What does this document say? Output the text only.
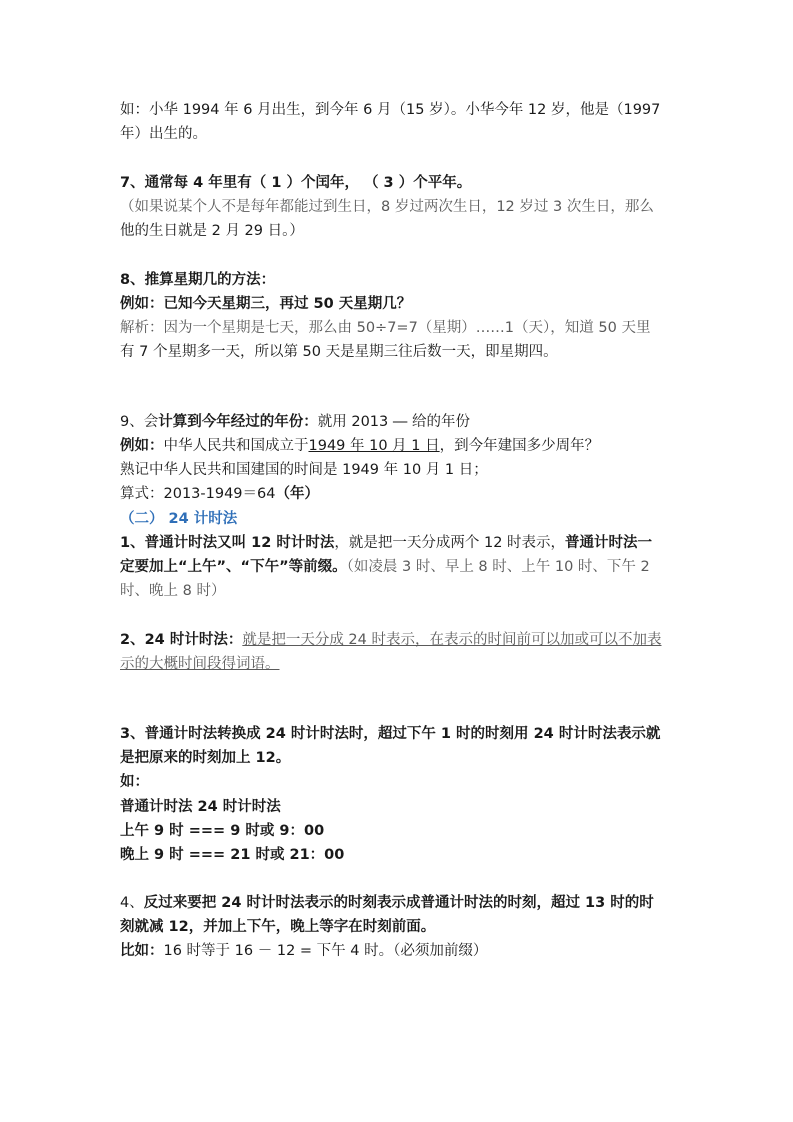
如：小华 1994 年 6 月出生，到今年 6 月（15 岁）。小华今年 12 岁，他是（1997
年）出生的。
7、通常每 4 年里有（ 1 ）个闰年， （ 3 ）个平年。
（如果说某个人不是每年都能过到生日，8 岁过两次生日，12 岁过 3 次生日，那么
他的生日就是 2 月 29 日。）
8、推算星期几的方法：
例如：已知今天星期三，再过 50 天星期几？
解析：因为一个星期是七天，那么由 50÷7=7（星期）……1（天），知道 50 天里
有 7 个星期多一天，所以第 50 天是星期三往后数一天，即星期四。
9、会计算到今年经过的年份：就用 2013 ― 给的年份
例如：中华人民共和国成立于1949 年 10 月 1 日，到今年建国多少周年？
熟记中华人民共和国建国的时间是 1949 年 10 月 1 日；
算式：2013-1949＝64（年）
（二） 24 计时法
1、普通计时法又叫 12 时计时法，就是把一天分成两个 12 时表示，普通计时法一
定要加上“上午”、“下午”等前缀。（如凌晨 3 时、早上 8 时、上午 10 时、下午 2
时、晚上 8 时）
2、24 时计时法：就是把一天分成 24 时表示，在表示的时间前可以加或可以不加表
示的大概时间段得词语。
3、普通计时法转换成 24 时计时法时，超过下午 1 时的时刻用 24 时计时法表示就
是把原来的时刻加上 12。
如：
普通计时法 24 时计时法
上午 9 时 === 9 时或 9：00
晚上 9 时 === 21 时或 21：00
4、反过来要把 24 时计时法表示的时刻表示成普通计时法的时刻，超过 13 时的时
刻就减 12，并加上下午，晚上等字在时刻前面。
比如：16 时等于 16 － 12 = 下午 4 时。（必须加前缀）
